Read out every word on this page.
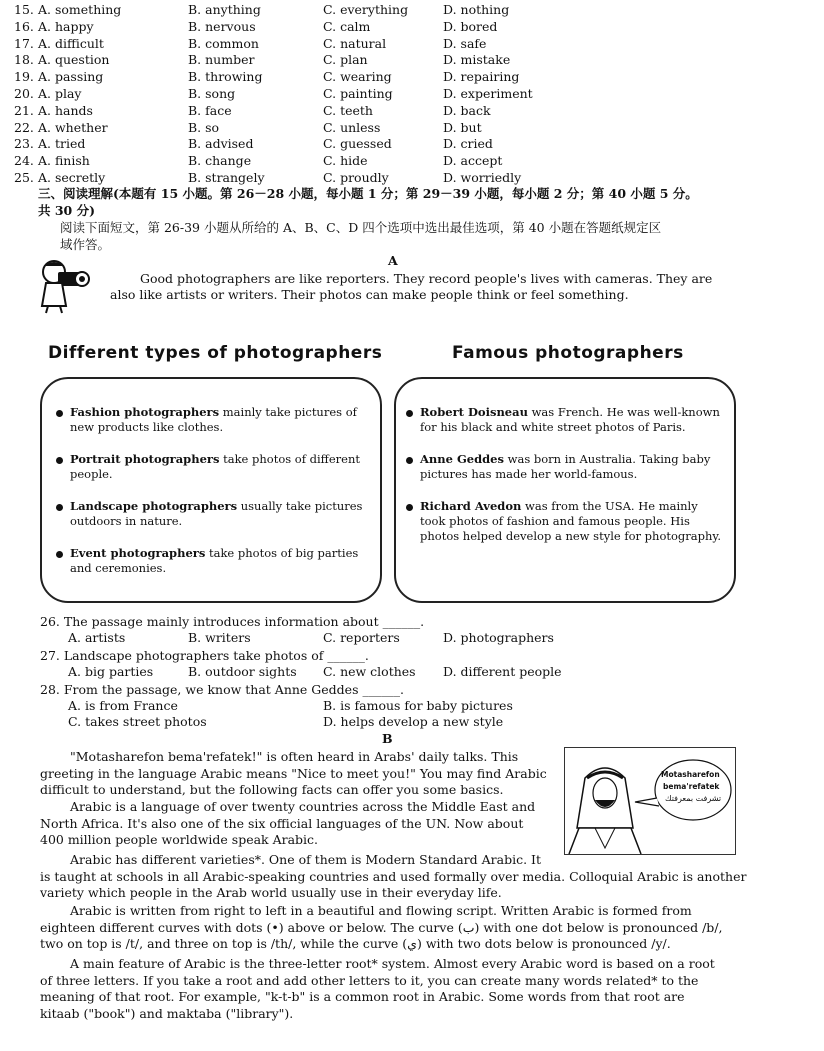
15. A. something	B. anything	C. everything	D. nothing
16. A. happy	B. nervous	C. calm	D. bored
17. A. difficult	B. common	C. natural	D. safe
18. A. question	B. number	C. plan	D. mistake
19. A. passing	B. throwing	C. wearing	D. repairing
20. A. play	B. song	C. painting	D. experiment
21. A. hands	B. face	C. teeth	D. back
22. A. whether	B. so	C. unless	D. but
23. A. tried	B. advised	C. guessed	D. cried
24. A. finish	B. change	C. hide	D. accept
25. A. secretly	B. strangely	C. proudly	D. worriedly
三、阅读理解(本题有 15 小题。第 26－28 小题，每小题 1 分；第 29－39 小题，每小题 2 分；第 40 小题 5 分。
共 30 分)
阅读下面短文，第 26-39 小题从所给的 A、B、C、D 四个选项中选出最佳选项，第 40 小题在答题纸规定区
域作答。
A
Good photographers are like reporters. They record people's lives with cameras. They are
also like artists or writers. Their photos can make people think or feel something.
Different types of photographers	Famous photographers
Fashion photographers mainly take pictures of new products like clothes.
Portrait photographers take photos of different people.
Landscape photographers usually take pictures outdoors in nature.
Event photographers take photos of big parties and ceremonies.
Robert Doisneau was French. He was well-known for his black and white street photos of Paris.
Anne Geddes was born in Australia. Taking baby pictures has made her world-famous.
Richard Avedon was from the USA. He mainly took photos of fashion and famous people. His photos helped develop a new style for photography.
26. The passage mainly introduces information about ______.
A. artists	B. writers	C. reporters	D. photographers
27. Landscape photographers take photos of ______.
A. big parties	B. outdoor sights C. new clothes D. different people
28. From the passage, we know that Anne Geddes ______.
A. is from France	B. is famous for baby pictures
C. takes street photos	D. helps develop a new style
B
Motasharefon
bema'refatek
تشرفت بمعرفتك
"Motasharefon bema'refatek!" is often heard in Arabs' daily talks. This
greeting in the language Arabic means "Nice to meet you!" You may find Arabic
difficult to understand, but the following facts can offer you some basics.
Arabic is a language of over twenty countries across the Middle East and
North Africa. It's also one of the six official languages of the UN. Now about
400 million people worldwide speak Arabic.
Arabic has different varieties*. One of them is Modern Standard Arabic. It
is taught at schools in all Arabic-speaking countries and used formally over media. Colloquial Arabic is another
variety which people in the Arab world usually use in their everyday life.
Arabic is written from right to left in a beautiful and flowing script. Written Arabic is formed from
eighteen different curves with dots (•) above or below. The curve (ب) with one dot below is pronounced /b/,
two on top is /t/, and three on top is /th/, while the curve (ي) with two dots below is pronounced /y/.
A main feature of Arabic is the three-letter root* system. Almost every Arabic word is based on a root
of three letters. If you take a root and add other letters to it, you can create many words related* to the
meaning of that root. For example, "k-t-b" is a common root in Arabic. Some words from that root are
kitaab ("book") and maktaba ("library").
